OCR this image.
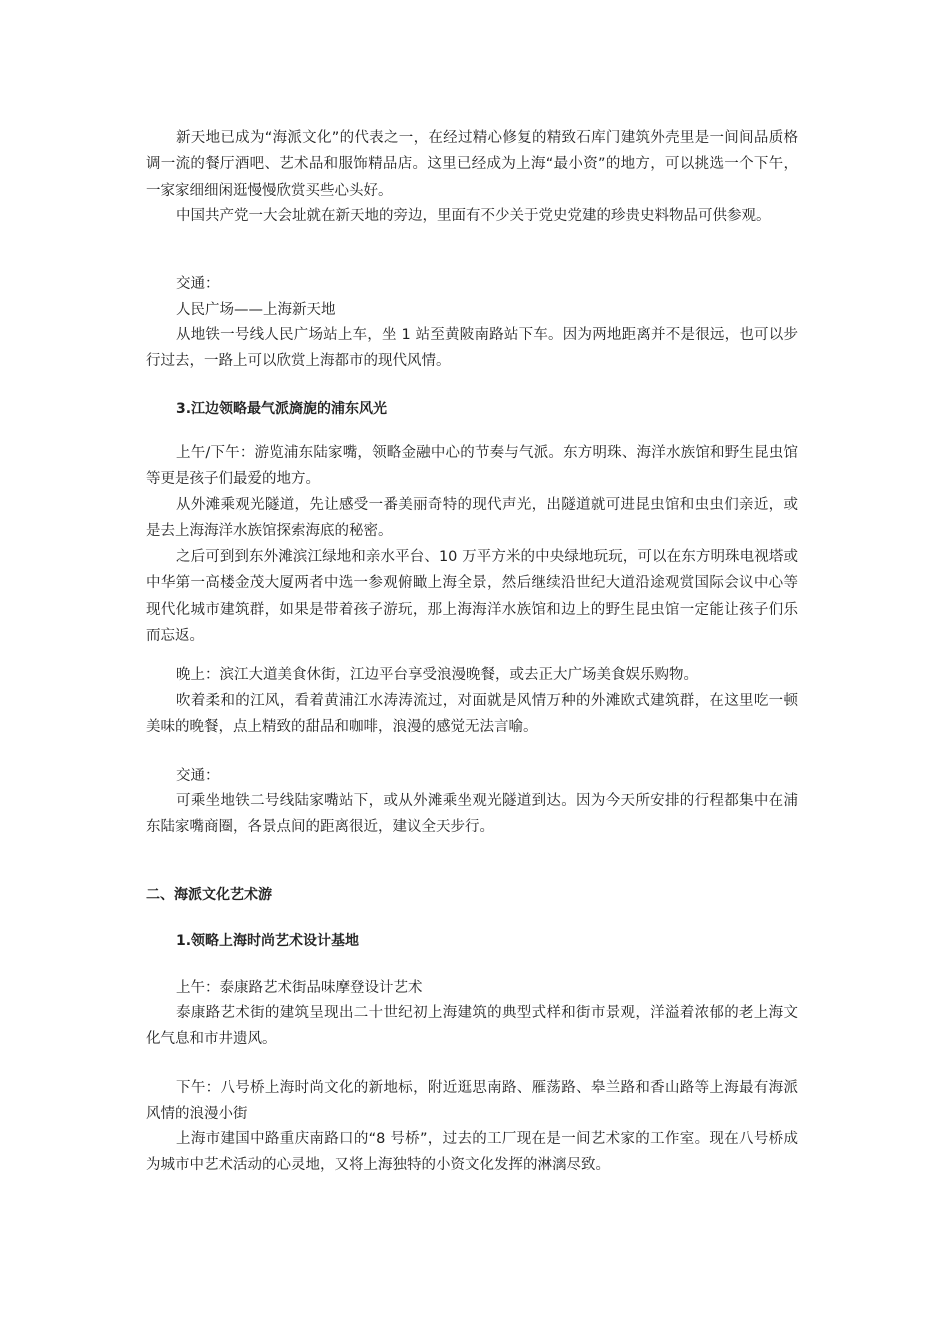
新天地已成为“海派文化”的代表之一，在经过精心修复的精致石库门建筑外壳里是一间间品质格调一流的餐厅酒吧、艺术品和服饰精品店。这里已经成为上海“最小资”的地方，可以挑选一个下午，一家家细细闲逛慢慢欣赏买些心头好。

中国共产党一大会址就在新天地的旁边，里面有不少关于党史党建的珍贵史料物品可供参观。

交通：

人民广场——上海新天地

从地铁一号线人民广场站上车，坐 1 站至黄陂南路站下车。因为两地距离并不是很远，也可以步行过去，一路上可以欣赏上海都市的现代风情。

3.江边领略最气派旖旎的浦东风光

上午/下午：游览浦东陆家嘴，领略金融中心的节奏与气派。东方明珠、海洋水族馆和野生昆虫馆等更是孩子们最爱的地方。

从外滩乘观光隧道，先让感受一番美丽奇特的现代声光，出隧道就可进昆虫馆和虫虫们亲近，或是去上海海洋水族馆探索海底的秘密。

之后可到到东外滩滨江绿地和亲水平台、10 万平方米的中央绿地玩玩，可以在东方明珠电视塔或中华第一高楼金茂大厦两者中选一参观俯瞰上海全景，然后继续沿世纪大道沿途观赏国际会议中心等现代化城市建筑群，如果是带着孩子游玩，那上海海洋水族馆和边上的野生昆虫馆一定能让孩子们乐而忘返。

晚上：滨江大道美食休街，江边平台享受浪漫晚餐，或去正大广场美食娱乐购物。

吹着柔和的江风，看着黄浦江水涛涛流过，对面就是风情万种的外滩欧式建筑群，在这里吃一顿美味的晚餐，点上精致的甜品和咖啡，浪漫的感觉无法言喻。

交通：

可乘坐地铁二号线陆家嘴站下，或从外滩乘坐观光隧道到达。因为今天所安排的行程都集中在浦东陆家嘴商圈，各景点间的距离很近，建议全天步行。

二、海派文化艺术游

1.领略上海时尚艺术设计基地

上午：泰康路艺术街品味摩登设计艺术

泰康路艺术街的建筑呈现出二十世纪初上海建筑的典型式样和街市景观，洋溢着浓郁的老上海文化气息和市井遗风。

下午：八号桥上海时尚文化的新地标，附近逛思南路、雁荡路、皋兰路和香山路等上海最有海派风情的浪漫小街

上海市建国中路重庆南路口的“8 号桥”，过去的工厂现在是一间艺术家的工作室。现在八号桥成为城市中艺术活动的心灵地，又将上海独特的小资文化发挥的淋漓尽致。
